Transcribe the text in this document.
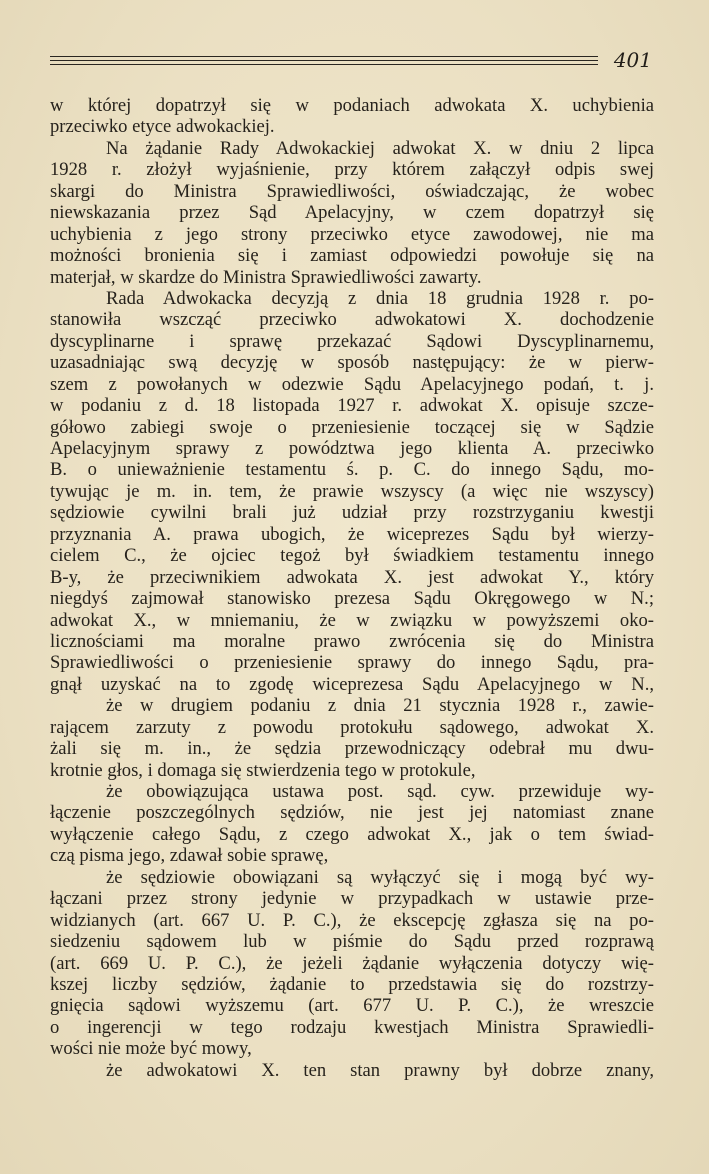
401
w której dopatrzył się w podaniach adwokata X. uchybienia
przeciwko etyce adwokackiej.
Na żądanie Rady Adwokackiej adwokat X. w dniu 2 lipca
1928 r. złożył wyjaśnienie, przy którem załączył odpis swej
skargi do Ministra Sprawiedliwości, oświadczając, że wobec
niewskazania przez Sąd Apelacyjny, w czem dopatrzył się
uchybienia z jego strony przeciwko etyce zawodowej, nie ma
możności bronienia się i zamiast odpowiedzi powołuje się na
materjał, w skardze do Ministra Sprawiedliwości zawarty.
Rada Adwokacka decyzją z dnia 18 grudnia 1928 r. po-
stanowiła wszcząć przeciwko adwokatowi X. dochodzenie
dyscyplinarne i sprawę przekazać Sądowi Dyscyplinarnemu,
uzasadniając swą decyzję w sposób następujący: że w pierw-
szem z powołanych w odezwie Sądu Apelacyjnego podań, t. j.
w podaniu z d. 18 listopada 1927 r. adwokat X. opisuje szcze-
gółowo zabiegi swoje o przeniesienie toczącej się w Sądzie
Apelacyjnym sprawy z powództwa jego klienta A. przeciwko
B. o unieważnienie testamentu ś. p. C. do innego Sądu, mo-
tywując je m. in. tem, że prawie wszyscy (a więc nie wszyscy)
sędziowie cywilni brali już udział przy rozstrzyganiu kwestji
przyznania A. prawa ubogich, że wiceprezes Sądu był wierzy-
cielem C., że ojciec tegoż był świadkiem testamentu innego
B-y, że przeciwnikiem adwokata X. jest adwokat Y., który
niegdyś zajmował stanowisko prezesa Sądu Okręgowego w N.;
adwokat X., w mniemaniu, że w związku w powyższemi oko-
licznościami ma moralne prawo zwrócenia się do Ministra
Sprawiedliwości o przeniesienie sprawy do innego Sądu, pra-
gnął uzyskać na to zgodę wiceprezesa Sądu Apelacyjnego w N.,
że w drugiem podaniu z dnia 21 stycznia 1928 r., zawie-
rającem zarzuty z powodu protokułu sądowego, adwokat X.
żali się m. in., że sędzia przewodniczący odebrał mu dwu-
krotnie głos, i domaga się stwierdzenia tego w protokule,
że obowiązująca ustawa post. sąd. cyw. przewiduje wy-
łączenie poszczególnych sędziów, nie jest jej natomiast znane
wyłączenie całego Sądu, z czego adwokat X., jak o tem świad-
czą pisma jego, zdawał sobie sprawę,
że sędziowie obowiązani są wyłączyć się i mogą być wy-
łączani przez strony jedynie w przypadkach w ustawie prze-
widzianych (art. 667 U. P. C.), że ekscepcję zgłasza się na po-
siedzeniu sądowem lub w piśmie do Sądu przed rozprawą
(art. 669 U. P. C.), że jeżeli żądanie wyłączenia dotyczy wię-
kszej liczby sędziów, żądanie to przedstawia się do rozstrzy-
gnięcia sądowi wyższemu (art. 677 U. P. C.), że wreszcie
o ingerencji w tego rodzaju kwestjach Ministra Sprawiedli-
wości nie może być mowy,
że adwokatowi X. ten stan prawny był dobrze znany,
